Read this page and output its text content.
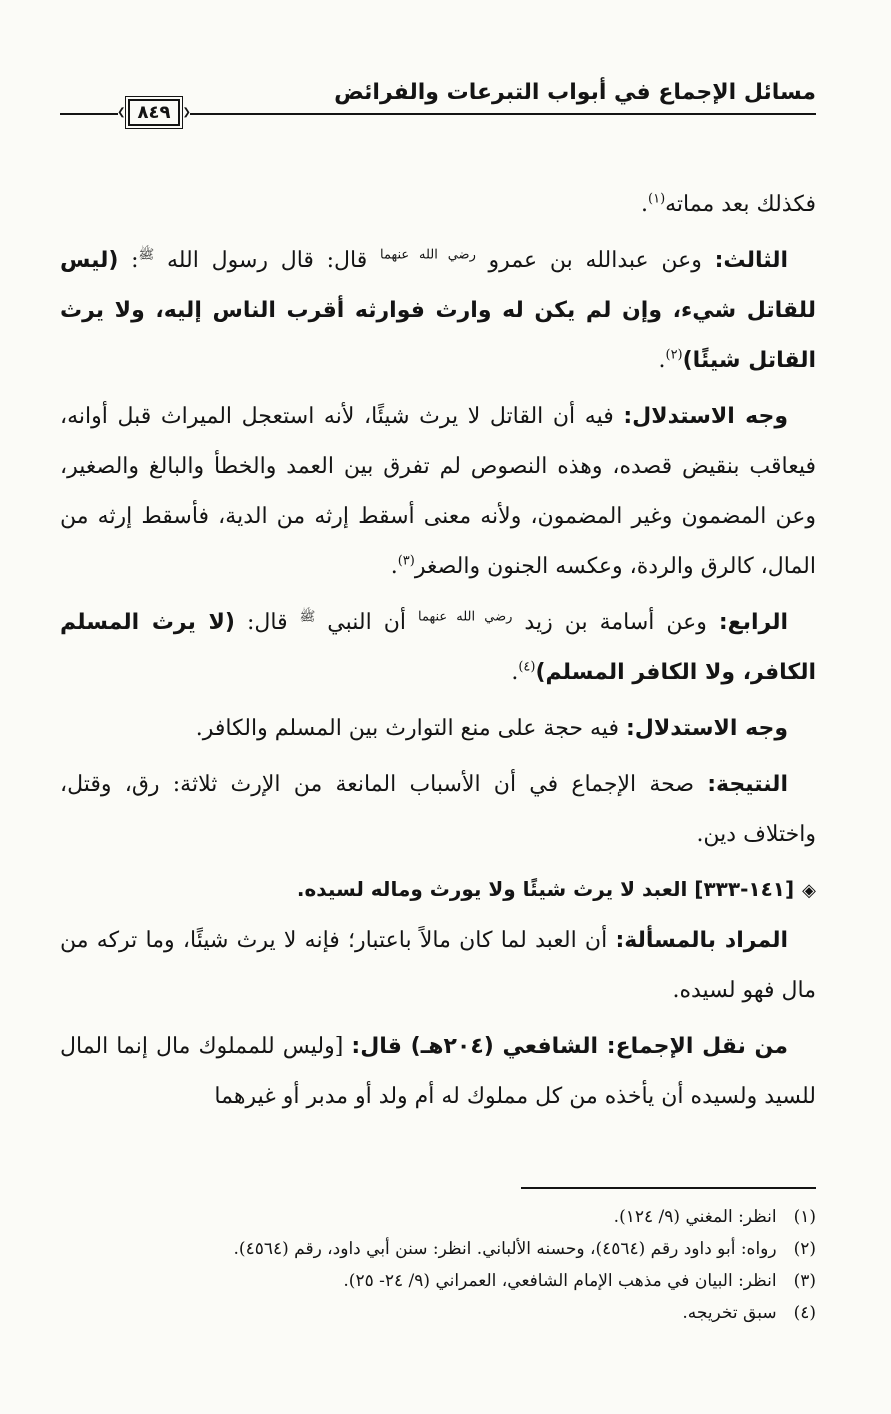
مسائل الإجماع في أبواب التبرعات والفرائض
❮
٨٤٩
❯

فكذلك بعد مماته$^{(١)}$.

الثالث: وعن عبدالله بن عمرو $^{رضي الله عنهما}$ قال: قال رسول الله $^ﷺ$: (ليس للقاتل شيء، وإن لم يكن له وارث فوارثه أقرب الناس إليه، ولا يرث القاتل شيئًا)$^{(٢)}$.

وجه الاستدلال: فيه أن القاتل لا يرث شيئًا، لأنه استعجل الميراث قبل أوانه، فيعاقب بنقيض قصده، وهذه النصوص لم تفرق بين العمد والخطأ والبالغ والصغير، وعن المضمون وغير المضمون، ولأنه معنى أسقط إرثه من الدية، فأسقط إرثه من المال، كالرق والردة، وعكسه الجنون والصغر$^{(٣)}$.

الرابع: وعن أسامة بن زيد $^{رضي الله عنهما}$ أن النبي $^ﷺ$ قال: (لا يرث المسلم الكافر، ولا الكافر المسلم)$^{(٤)}$.

وجه الاستدلال: فيه حجة على منع التوارث بين المسلم والكافر.

النتيجة: صحة الإجماع في أن الأسباب المانعة من الإرث ثلاثة: رق، وقتل، واختلاف دين.

◈[١٤١-٣٣٣] العبد لا يرث شيئًا ولا يورث وماله لسيده.

المراد بالمسألة: أن العبد لما كان مالاً باعتبار؛ فإنه لا يرث شيئًا، وما تركه من مال فهو لسيده.

من نقل الإجماع: الشافعي (٢٠٤هـ) قال: [وليس للمملوك مال إنما المال للسيد ولسيده أن يأخذه من كل مملوك له أم ولد أو مدبر أو غيرهما

(١) انظر: المغني (٩/ ١٢٤).
(٢) رواه: أبو داود رقم (٤٥٦٤)، وحسنه الألباني. انظر: سنن أبي داود، رقم (٤٥٦٤).
(٣) انظر: البيان في مذهب الإمام الشافعي، العمراني (٩/ ٢٤- ٢٥).
(٤) سبق تخريجه.
